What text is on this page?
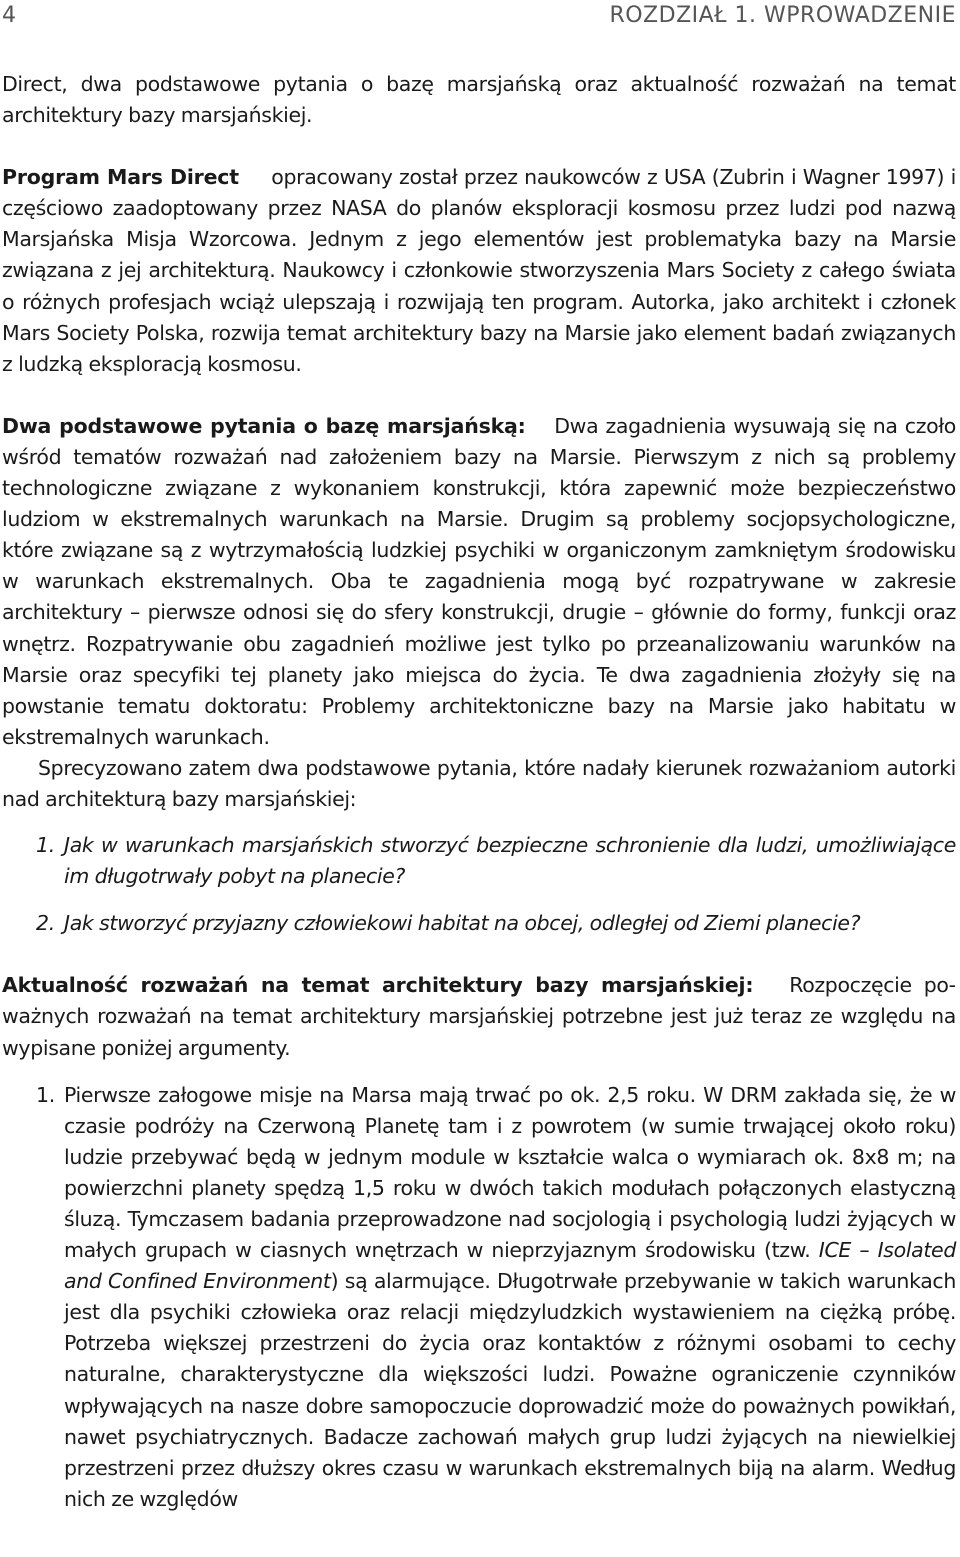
4	ROZDZIAŁ 1. WPROWADZENIE

Direct, dwa podstawowe pytania o bazę marsjańską oraz aktualność rozważań na temat architektury bazy marsjańskiej.

Program Mars Direct opracowany został przez naukowców z USA (Zubrin i Wagner 1997) i częściowo zaadoptowany przez NASA do planów eksploracji kosmosu przez ludzi pod nazwą Marsjańska Misja Wzorcowa. Jednym z jego elementów jest problematyka bazy na Marsie związana z jej architekturą. Naukowcy i członkowie stworzyszenia Mars Society z całego świata o różnych profesjach wciąż ulepszają i rozwijają ten program. Autorka, jako architekt i członek Mars Society Polska, rozwija temat architektury bazy na Marsie jako element badań związanych z ludzką eksploracją kosmosu.

Dwa podstawowe pytania o bazę marsjańską: Dwa zagadnienia wysuwają się na czoło wśród tematów rozważań nad założeniem bazy na Marsie. Pierwszym z nich są problemy technologiczne związane z wykonaniem konstrukcji, która zapewnić może bezpieczeństwo ludziom w ekstremalnych warunkach na Marsie. Drugim są problemy socjopsychologiczne, które związane są z wytrzymałością ludzkiej psychiki w organiczonym zamkniętym środowisku w warunkach ekstremalnych. Oba te zagadnienia mogą być rozpatrywane w zakresie architektury – pierwsze odnosi się do sfery konstrukcji, drugie – głównie do formy, funkcji oraz wnętrz. Rozpatrywanie obu zagadnień możliwe jest tylko po przeanalizowaniu warunków na Marsie oraz specyfiki tej planety jako miejsca do życia. Te dwa zagadnienia złożyły się na powstanie tematu doktoratu: Problemy architektoniczne bazy na Marsie jako habitatu w ekstremalnych warunkach.

Sprecyzowano zatem dwa podstawowe pytania, które nadały kierunek rozważaniom autorki nad architekturą bazy marsjańskiej:

1. Jak w warunkach marsjańskich stworzyć bezpieczne schronienie dla ludzi, umożliwiające im długotrwały pobyt na planecie?
2. Jak stworzyć przyjazny człowiekowi habitat na obcej, odległej od Ziemi planecie?

Aktualność rozważań na temat architektury bazy marsjańskiej: Rozpoczęcie poważnych rozważań na temat architektury marsjańskiej potrzebne jest już teraz ze względu na wypisane poniżej argumenty.

1. Pierwsze załogowe misje na Marsa mają trwać po ok. 2,5 roku. W DRM zakłada się, że w czasie podróży na Czerwoną Planetę tam i z powrotem (w sumie trwającej około roku) ludzie przebywać będą w jednym module w kształcie walca o wymiarach ok. 8x8 m; na powierzchni planety spędzą 1,5 roku w dwóch takich modułach połączonych elastyczną śluzą. Tymczasem badania przeprowadzone nad socjologią i psychologią ludzi żyjących w małych grupach w ciasnych wnętrzach w nieprzyjaznym środowisku (tzw. ICE – Isolated and Confined Environment) są alarmujące. Długotrwałe przebywanie w takich warunkach jest dla psychiki człowieka oraz relacji międzyludzkich wystawieniem na ciężką próbę. Potrzeba większej przestrzeni do życia oraz kontaktów z różnymi osobami to cechy naturalne, charakterystyczne dla większości ludzi. Poważne ograniczenie czynników wpływających na nasze dobre samopoczucie doprowadzić może do poważnych powikłań, nawet psychiatrycznych. Badacze zachowań małych grup ludzi żyjących na niewielkiej przestrzeni przez dłuższy okres czasu w warunkach ekstremalnych biją na alarm. Według nich ze względów
